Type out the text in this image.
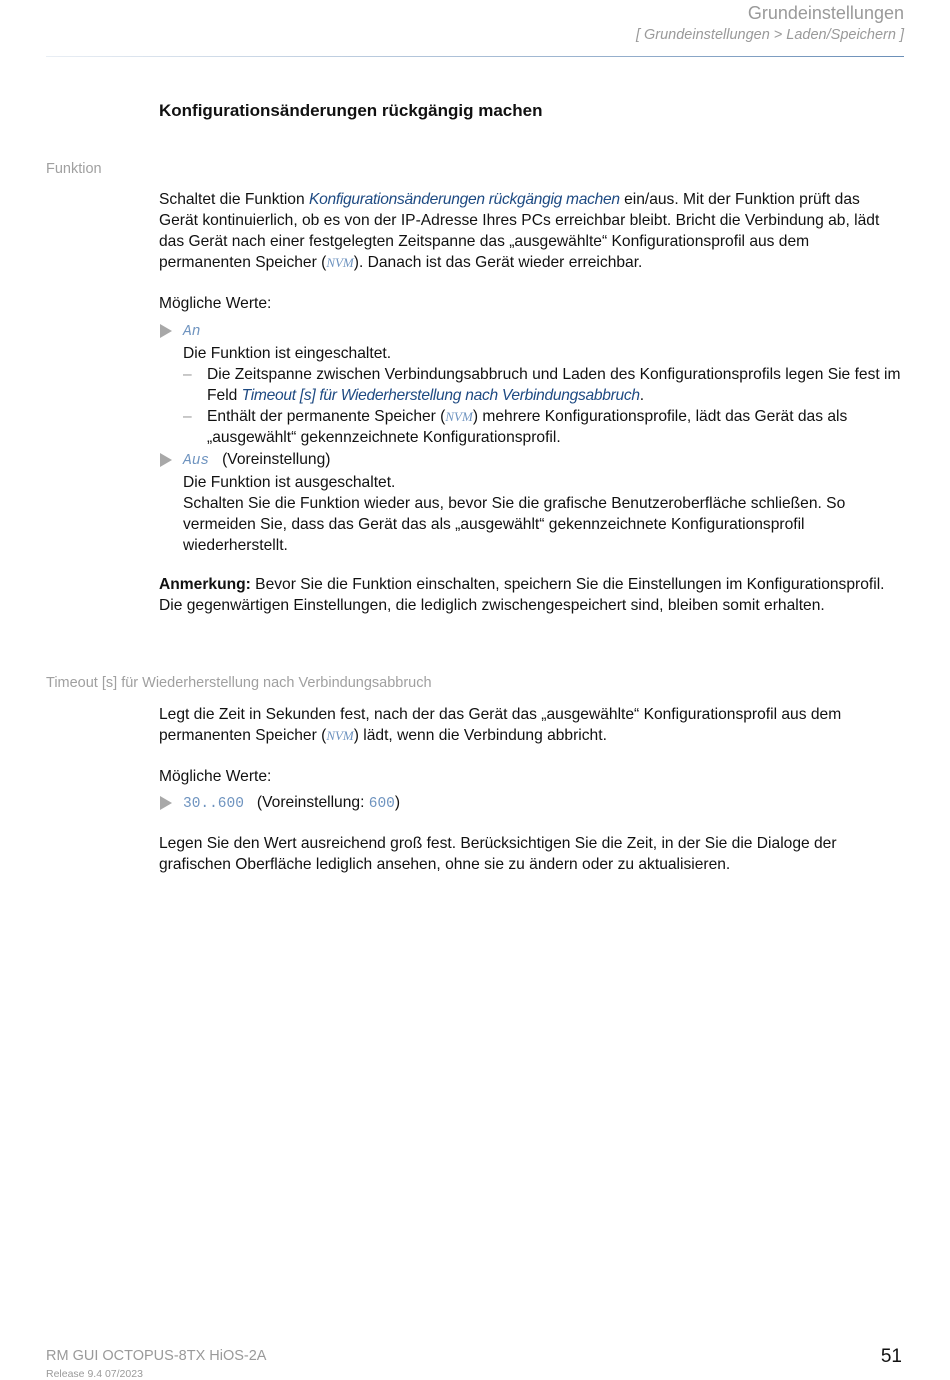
Grundeinstellungen
[ Grundeinstellungen > Laden/Speichern ]
Konfigurationsänderungen rückgängig machen
Funktion

Schaltet die Funktion Konfigurationsänderungen rückgängig machen ein/aus. Mit der Funktion prüft das Gerät kontinuierlich, ob es von der IP-Adresse Ihres PCs erreichbar bleibt. Bricht die Verbindung ab, lädt das Gerät nach einer festgelegten Zeitspanne das „ausgewählte“ Konfigurationsprofil aus dem permanenten Speicher (NVM). Danach ist das Gerät wieder erreichbar.

Mögliche Werte:

An

Die Funktion ist eingeschaltet.

– Die Zeitspanne zwischen Verbindungsabbruch und Laden des Konfigurationsprofils legen Sie fest im Feld Timeout [s] für Wiederherstellung nach Verbindungsabbruch.

– Enthält der permanente Speicher (NVM) mehrere Konfigurationsprofile, lädt das Gerät das als „ausgewählt“ gekennzeichnete Konfigurationsprofil.

Aus (Voreinstellung)

Die Funktion ist ausgeschaltet.

Schalten Sie die Funktion wieder aus, bevor Sie die grafische Benutzeroberfläche schließen. So vermeiden Sie, dass das Gerät das als „ausgewählt“ gekennzeichnete Konfigurationsprofil wiederherstellt.

Anmerkung: Bevor Sie die Funktion einschalten, speichern Sie die Einstellungen im Konfigurationsprofil. Die gegenwärtigen Einstellungen, die lediglich zwischengespeichert sind, bleiben somit erhalten.

Timeout [s] für Wiederherstellung nach Verbindungsabbruch

Legt die Zeit in Sekunden fest, nach der das Gerät das „ausgewählte“ Konfigurationsprofil aus dem permanenten Speicher (NVM) lädt, wenn die Verbindung abbricht.

Mögliche Werte:

30..600 (Voreinstellung: 600)

Legen Sie den Wert ausreichend groß fest. Berücksichtigen Sie die Zeit, in der Sie die Dialoge der grafischen Oberfläche lediglich ansehen, ohne sie zu ändern oder zu aktualisieren.
RM GUI OCTOPUS-8TX HiOS-2A
Release 9.4 07/2023
51
